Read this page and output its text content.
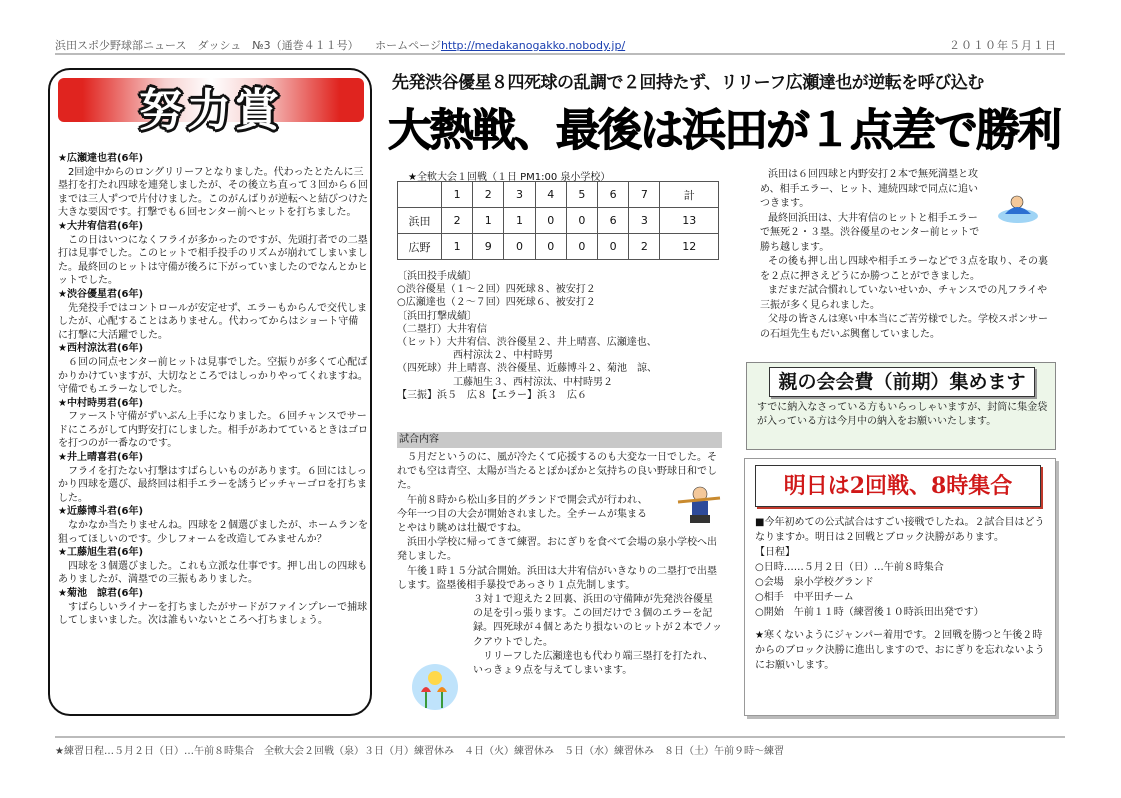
浜田スポ少野球部ニュース　ダッシュ　№3（通巻４１１号）　　ホームページhttp://medakanogakko.nobody.jp/	２０１０年５月１日
努力賞
★広瀬達也君(6年)
2回途中からのロングリリーフとなりました。代わったとたんに三塁打を打たれ四球を連発しましたが、その後立ち直って３回から６回までは三人ずつで片付けました。このがんばりが逆転へと結びつけた大きな要因です。打撃でも６回センター前へヒットを打ちました。
★大井宥信君(6年)
この日はいつになくフライが多かったのですが、先頭打者での二塁打は見事でした。このヒットで相手投手のリズムが崩れてしまいました。最終回のヒットは守備が後ろに下がっていましたのでなんとかヒットでした。
★渋谷優星君(6年)
先発投手ではコントロールが安定せず、エラーもからんで交代しましたが、心配することはありません。代わってからはショート守備に打撃に大活躍でした。
★西村涼汰君(6年)
６回の同点センター前ヒットは見事でした。空振りが多くて心配ばかりかけていますが、大切なところではしっかりやってくれますね。守備でもエラーなしでした。
★中村時男君(6年)
ファースト守備がずいぶん上手になりました。６回チャンスでサードにころがして内野安打にしました。相手があわてているときはゴロを打つのが一番なのです。
★井上晴喜君(6年)
フライを打たない打撃はすばらしいものがあります。６回にはしっかり四球を選び、最終回は相手エラーを誘うピッチャーゴロを打ちました。
★近藤博斗君(6年)
なかなか当たりませんね。四球を２個選びましたが、ホームランを狙ってほしいのです。少しフォームを改造してみませんか？
★工藤旭生君(6年)
四球を３個選びました。これも立派な仕事です。押し出しの四球もありましたが、満塁での三振もありました。
★菊池　諒君(6年)
すばらしいライナーを打ちましたがサードがファインプレーで捕球してしまいました。次は誰もいないところへ打ちましょう。
先発渋谷優星８四死球の乱調で２回持たず、リリーフ広瀬達也が逆転を呼び込む
大熱戦、最後は浜田が１点差で勝利
★全軟大会１回戦（１日 PM1:00 泉小学校）
	1	2	3	4	5	6	7	計
浜田	2	1	1	0	0	6	3	13
広野	1	9	0	0	0	0	2	12
〔浜田投手成績〕
○渋谷優星（１～２回）四死球８、被安打２
○広瀬達也（２～７回）四死球６、被安打２
〔浜田打撃成績〕
（二塁打）大井宥信
（ヒット）大井宥信、渋谷優星２、井上晴喜、広瀬達也、
西村涼汰２、中村時男
（四死球）井上晴喜、渋谷優星、近藤博斗２、菊池　諒、
工藤旭生３、西村涼汰、中村時男２
【三振】浜５　広８【エラー】浜３　広６
試合内容
５月だというのに、風が冷たくて応援するのも大変な一日でした。それでも空は青空、太陽が当たるとぽかぽかと気持ちの良い野球日和でした。
午前８時から松山多目的グランドで開会式が行われ、今年一つ目の大会が開始されました。全チームが集まるとやはり眺めは壮観ですね。
浜田小学校に帰ってきて練習。おにぎりを食べて会場の泉小学校へ出発しました。
午後１時１５分試合開始。浜田は大井宥信がいきなりの二塁打で出塁します。盗塁後相手暴投であっさり１点先制します。
３対１で迎えた２回裏、浜田の守備陣が先発渋谷優星の足を引っ張ります。この回だけで３個のエラーを記録。四死球が４個とあたり損ないのヒットが２本でノックアウトでした。
リリーフした広瀬達也も代わり端三塁打を打たれ、いっきょ９点を与えてしまいます。
浜田は６回四球と内野安打２本で無死満塁と攻め、相手エラー、ヒット、連続四球で同点に追いつきます。
最終回浜田は、大井宥信のヒットと相手エラーで無死２・３塁。渋谷優星のセンター前ヒットで勝ち越します。
その後も押し出し四球や相手エラーなどで３点を取り、その裏を２点に押さえどうにか勝つことができました。
まだまだ試合慣れしていないせいか、チャンスでの凡フライや三振が多く見られました。
父母の皆さんは寒い中本当にご苦労様でした。学校スポンサーの石垣先生もだいぶ興奮していました。
親の会会費（前期）集めます
すでに納入なさっている方もいらっしゃいますが、封筒に集金袋が入っている方は今月中の納入をお願いいたします。
明日は2回戦、8時集合
■今年初めての公式試合はすごい接戦でしたね。２試合目はどうなりますか。明日は２回戦とブロック決勝があります。
【日程】
○日時……５月２日（日）…午前８時集合
○会場　泉小学校グランド
○相手　中平田チーム
○開始　午前１１時（練習後１０時浜田出発です）
★寒くないようにジャンパー着用です。２回戦を勝つと午後２時からのブロック決勝に進出しますので、おにぎりを忘れないようにお願いします。
★練習日程…５月２日（日）…午前８時集合　全軟大会２回戦（泉）３日（月）練習休み　４日（火）練習休み　５日（水）練習休み　８日（土）午前９時～練習
